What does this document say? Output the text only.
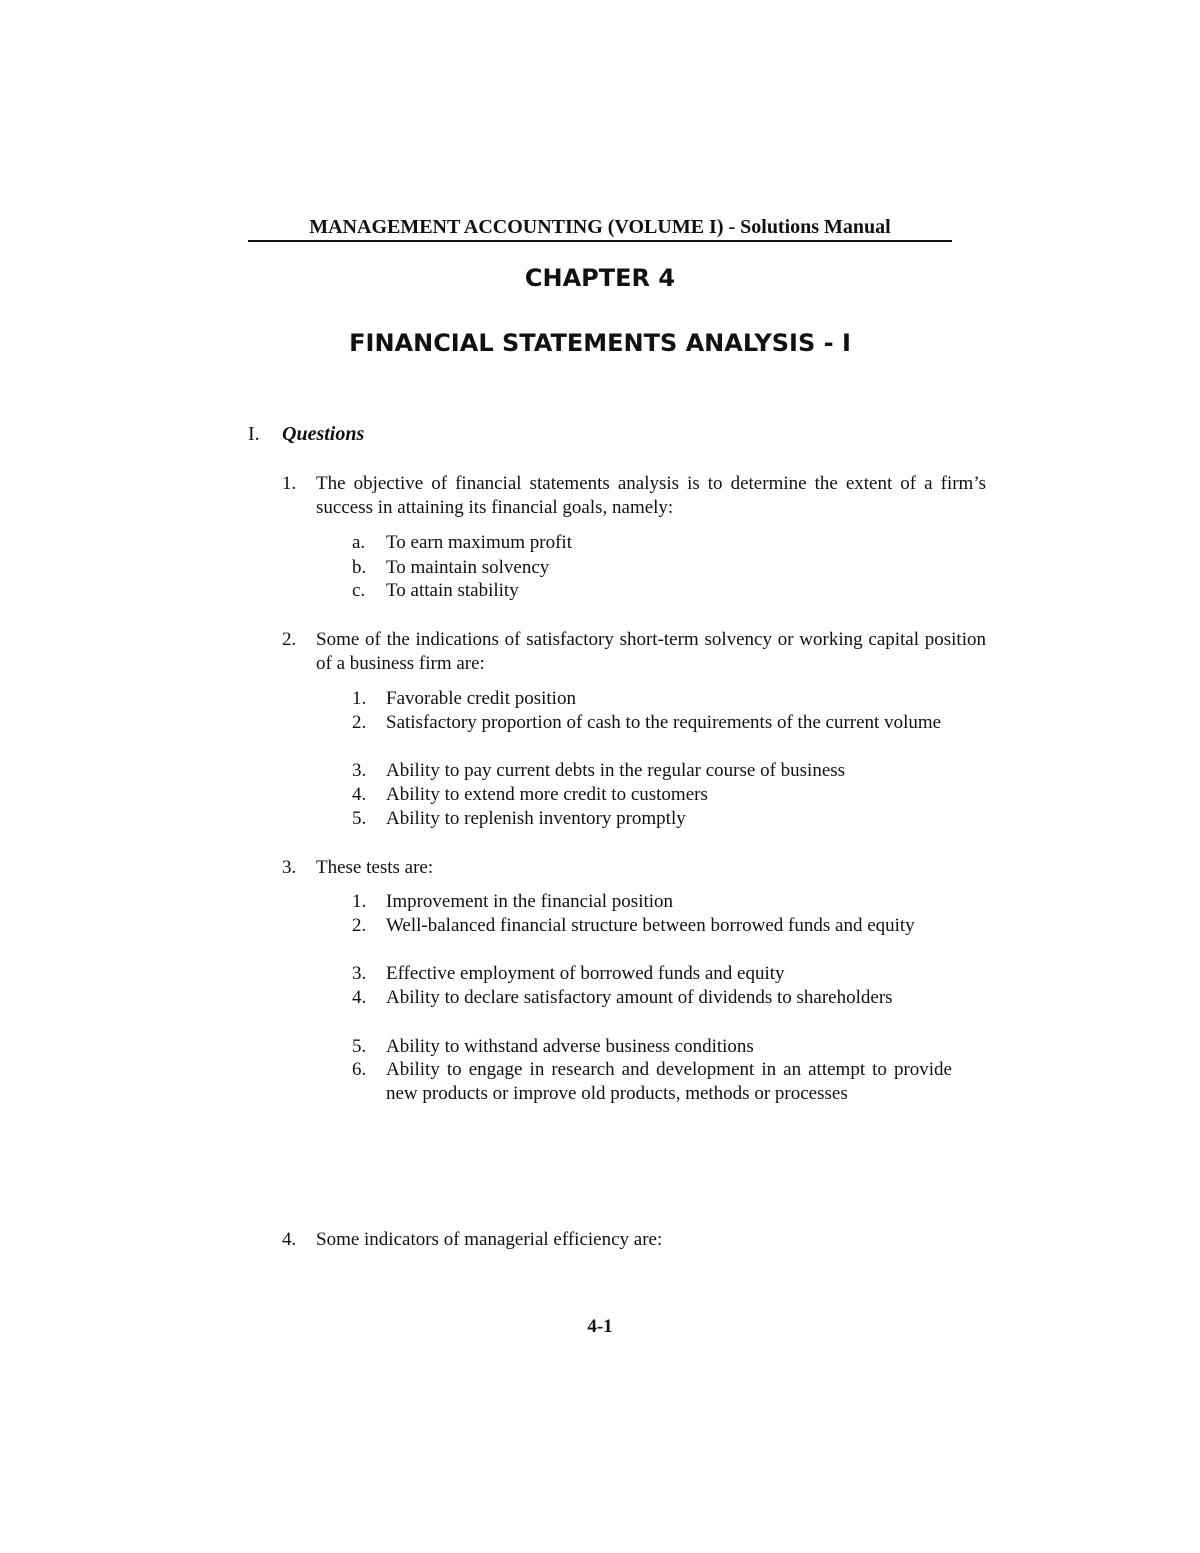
MANAGEMENT ACCOUNTING (VOLUME I) - Solutions Manual
CHAPTER 4
FINANCIAL STATEMENTS ANALYSIS - I
I. Questions
1. The objective of financial statements analysis is to determine the extent of a firm’s success in attaining its financial goals, namely:
a. To earn maximum profit
b. To maintain solvency
c. To attain stability
2. Some of the indications of satisfactory short-term solvency or working capital position of a business firm are:
1. Favorable credit position
2. Satisfactory proportion of cash to the requirements of the current volume
3. Ability to pay current debts in the regular course of business
4. Ability to extend more credit to customers
5. Ability to replenish inventory promptly
3. These tests are:
1. Improvement in the financial position
2. Well-balanced financial structure between borrowed funds and equity
3. Effective employment of borrowed funds and equity
4. Ability to declare satisfactory amount of dividends to shareholders
5. Ability to withstand adverse business conditions
6. Ability to engage in research and development in an attempt to provide new products or improve old products, methods or processes
4. Some indicators of managerial efficiency are:
4-1
